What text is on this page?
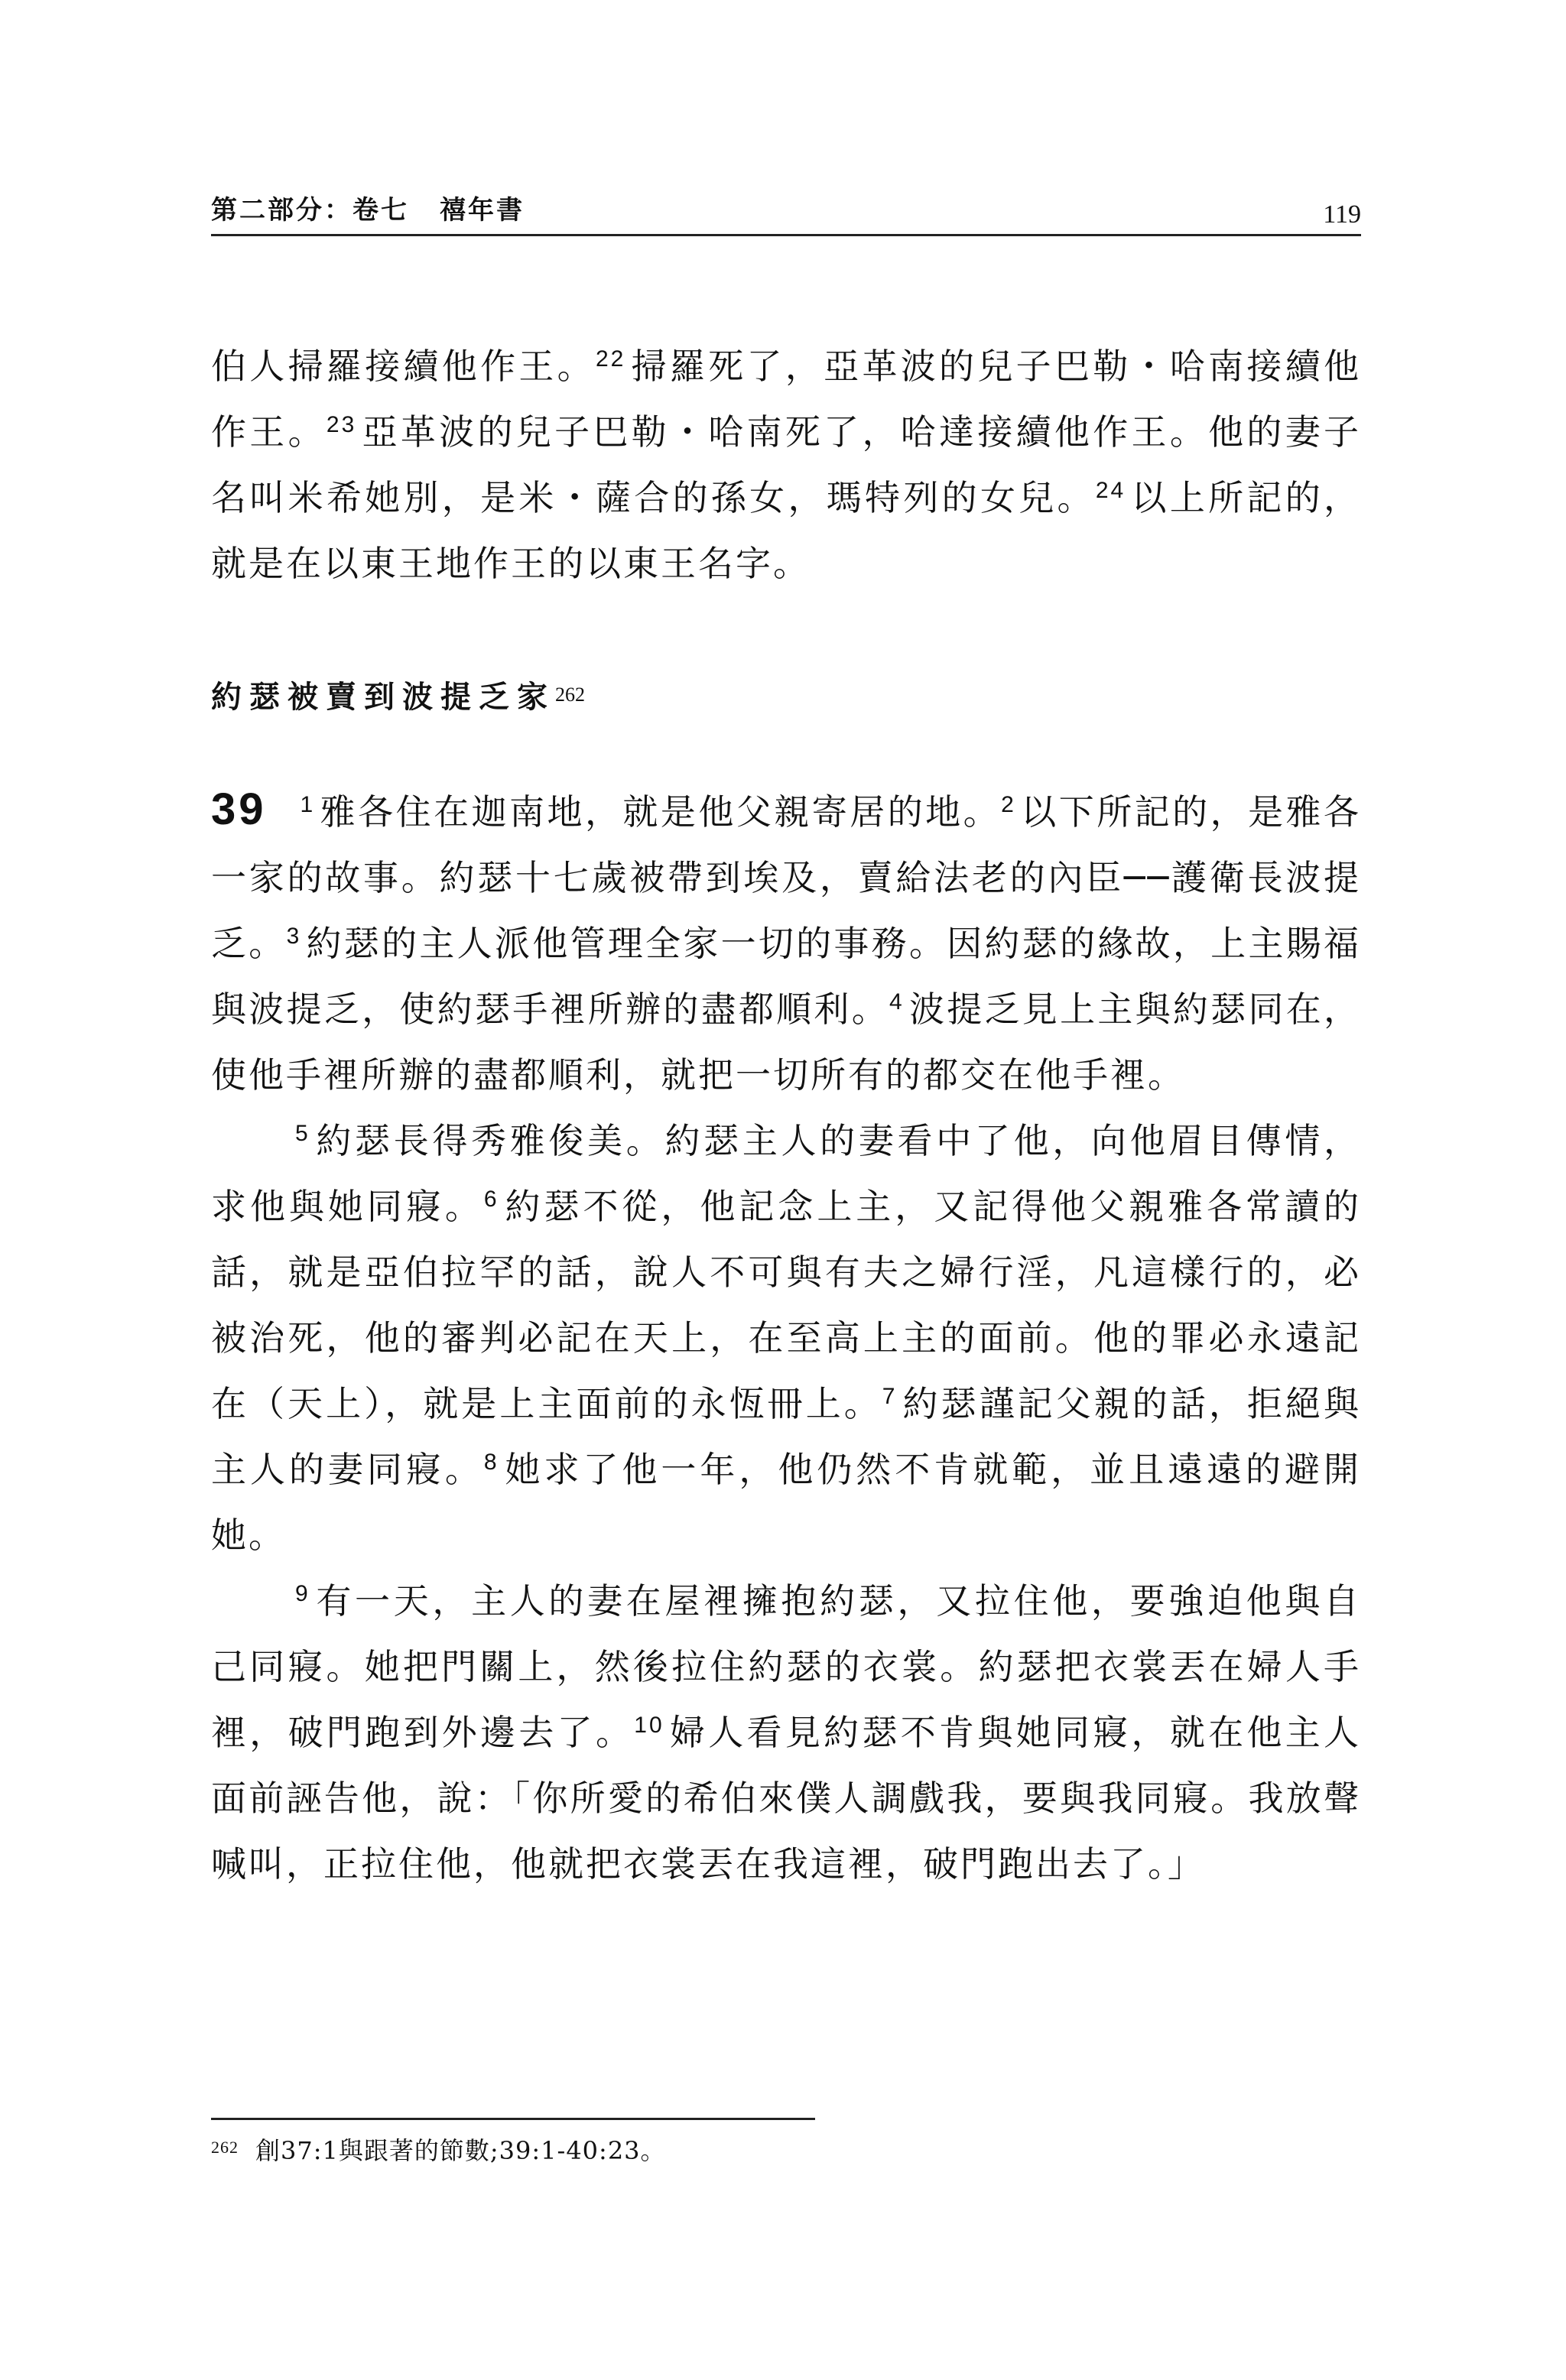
第二部分：卷七 禧年書	119

伯人掃羅接續他作王。$^{22}$ 掃羅死了，亞革波的兒子巴勒・哈南接續他作王。$^{23}$ 亞革波的兒子巴勒・哈南死了，哈達接續他作王。他的妻子名叫米希她別，是米・薩合的孫女，瑪特列的女兒。$^{24}$ 以上所記的，就是在以東王地作王的以東王名字。

約瑟被賣到波提乏家$^{262}$

39 $^1$ 雅各住在迦南地，就是他父親寄居的地。$^2$ 以下所記的，是雅各一家的故事。約瑟十七歲被帶到埃及，賣給法老的內臣──護衛長波提乏。$^3$ 約瑟的主人派他管理全家一切的事務。因約瑟的緣故，上主賜福與波提乏，使約瑟手裡所辦的盡都順利。$^4$ 波提乏見上主與約瑟同在，使他手裡所辦的盡都順利，就把一切所有的都交在他手裡。

$^5$ 約瑟長得秀雅俊美。約瑟主人的妻看中了他，向他眉目傳情，求他與她同寢。$^6$ 約瑟不從，他記念上主，又記得他父親雅各常讀的話，就是亞伯拉罕的話，說人不可與有夫之婦行淫，凡這樣行的，必被治死，他的審判必記在天上，在至高上主的面前。他的罪必永遠記在（天上），就是上主面前的永恆冊上。$^7$ 約瑟謹記父親的話，拒絕與主人的妻同寢。$^8$ 她求了他一年，他仍然不肯就範，並且遠遠的避開她。

$^9$ 有一天，主人的妻在屋裡擁抱約瑟，又拉住他，要強迫他與自己同寢。她把門關上，然後拉住約瑟的衣裳。約瑟把衣裳丟在婦人手裡，破門跑到外邊去了。$^{10}$ 婦人看見約瑟不肯與她同寢，就在他主人面前誣告他，說：「你所愛的希伯來僕人調戲我，要與我同寢。我放聲喊叫，正拉住他，他就把衣裳丟在我這裡，破門跑出去了。」

$^{262}$ 創37:1與跟著的節數;39:1-40:23。
